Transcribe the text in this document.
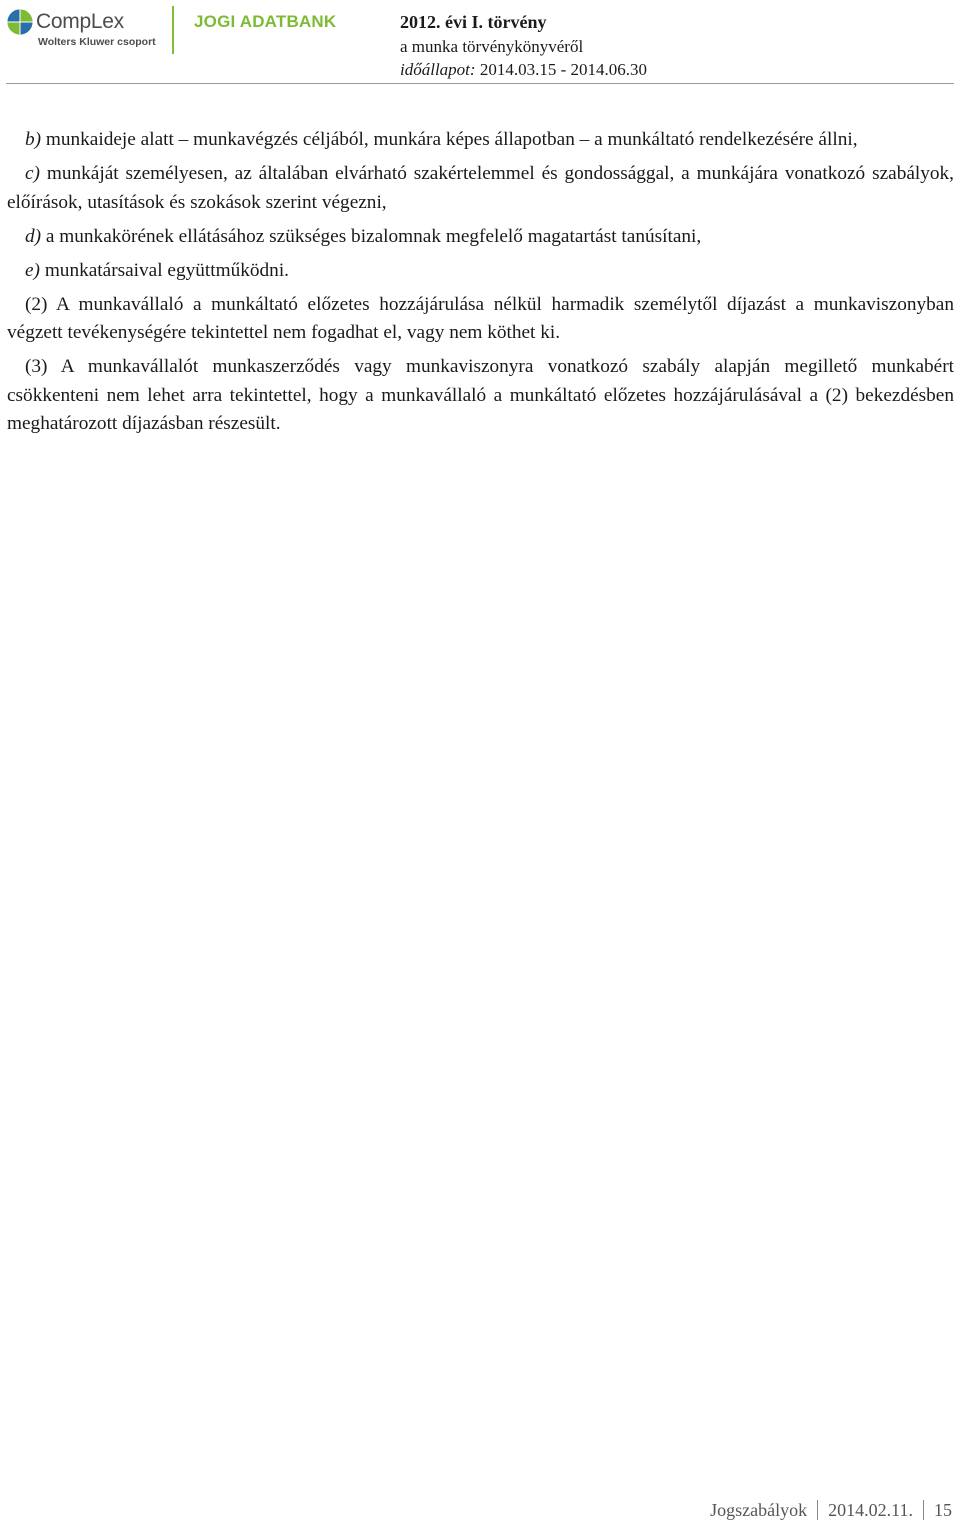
CompLex
Wolters Kluwer csoport
JOGI ADATBANK	2012. évi I. törvény
a munka törvénykönyvéről
időállapot: 2014.03.15 - 2014.06.30

b) munkaideje alatt – munkavégzés céljából, munkára képes állapotban – a munkáltató rendelkezésére állni,

c) munkáját személyesen, az általában elvárható szakértelemmel és gondossággal, a munkájára vonatkozó szabályok, előírások, utasítások és szokások szerint végezni,

d) a munkakörének ellátásához szükséges bizalomnak megfelelő magatartást tanúsítani,

e) munkatársaival együttműködni.

(2) A munkavállaló a munkáltató előzetes hozzájárulása nélkül harmadik személytől díjazást a munkaviszonyban végzett tevékenységére tekintettel nem fogadhat el, vagy nem köthet ki.

(3) A munkavállalót munkaszerződés vagy munkaviszonyra vonatkozó szabály alapján megillető munkabért csökkenteni nem lehet arra tekintettel, hogy a munkavállaló a munkáltató előzetes hozzájárulásával a (2) bekezdésben meghatározott díjazásban részesült.

Jogszabályok 2014.02.11. 15
